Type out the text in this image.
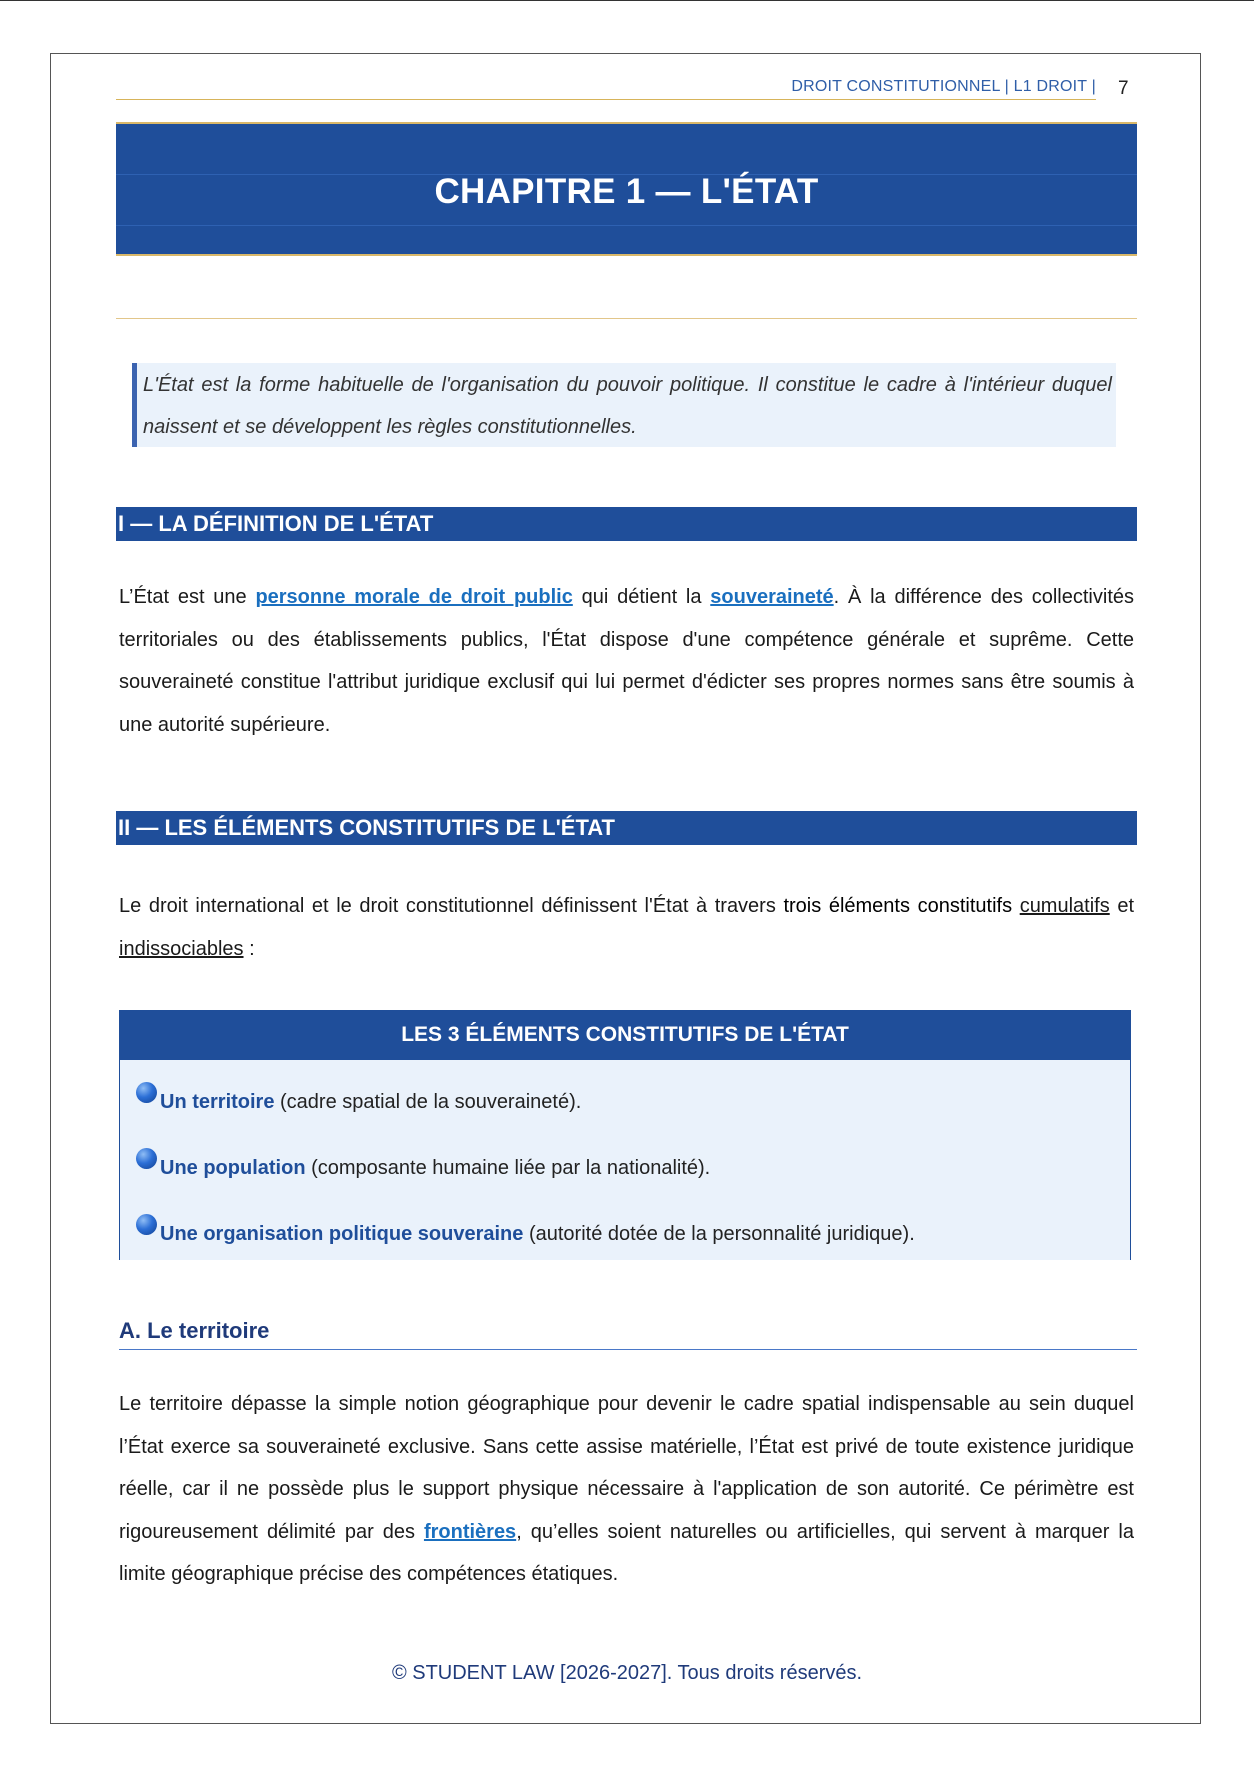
DROIT CONSTITUTIONNEL | L1 DROIT | 7
CHAPITRE 1 — L'ÉTAT
L'État est la forme habituelle de l'organisation du pouvoir politique. Il constitue le cadre à l'intérieur duquel naissent et se développent les règles constitutionnelles.
I — LA DÉFINITION DE L'ÉTAT
L’État est une personne morale de droit public qui détient la souveraineté. À la différence des collectivités territoriales ou des établissements publics, l'État dispose d'une compétence générale et suprême. Cette souveraineté constitue l'attribut juridique exclusif qui lui permet d'édicter ses propres normes sans être soumis à une autorité supérieure.
II — LES ÉLÉMENTS CONSTITUTIFS DE L'ÉTAT
Le droit international et le droit constitutionnel définissent l'État à travers trois éléments constitutifs cumulatifs et indissociables :
LES 3 ÉLÉMENTS CONSTITUTIFS DE L'ÉTAT
Un territoire (cadre spatial de la souveraineté).
Une population (composante humaine liée par la nationalité).
Une organisation politique souveraine (autorité dotée de la personnalité juridique).
A. Le territoire
Le territoire dépasse la simple notion géographique pour devenir le cadre spatial indispensable au sein duquel l’État exerce sa souveraineté exclusive. Sans cette assise matérielle, l’État est privé de toute existence juridique réelle, car il ne possède plus le support physique nécessaire à l'application de son autorité. Ce périmètre est rigoureusement délimité par des frontières, qu’elles soient naturelles ou artificielles, qui servent à marquer la limite géographique précise des compétences étatiques.
© STUDENT LAW [2026-2027]. Tous droits réservés.
